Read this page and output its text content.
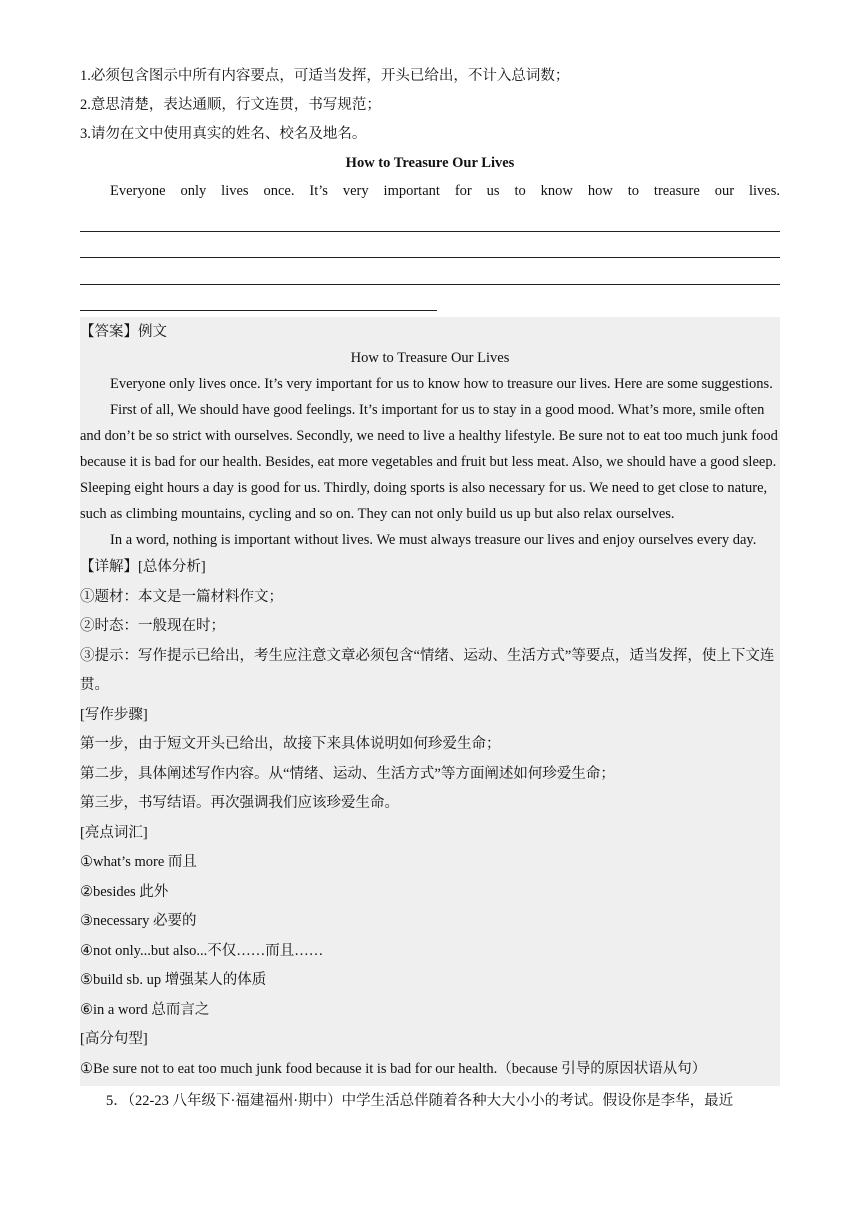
1.必须包含图示中所有内容要点，可适当发挥，开头已给出，不计入总词数；
2.意思清楚，表达通顺，行文连贯，书写规范；
3.请勿在文中使用真实的姓名、校名及地名。
How to Treasure Our Lives
Everyone only lives once. It’s very important for us to know how to treasure our lives.
【答案】例文
How to Treasure Our Lives
Everyone only lives once. It’s very important for us to know how to treasure our lives. Here are some suggestions.
First of all, We should have good feelings. It’s important for us to stay in a good mood. What’s more, smile often and don’t be so strict with ourselves. Secondly, we need to live a healthy lifestyle. Be sure not to eat too much junk food because it is bad for our health. Besides, eat more vegetables and fruit but less meat. Also, we should have a good sleep. Sleeping eight hours a day is good for us. Thirdly, doing sports is also necessary for us. We need to get close to nature, such as climbing mountains, cycling and so on. They can not only build us up but also relax ourselves.
In a word, nothing is important without lives. We must always treasure our lives and enjoy ourselves every day.
【详解】[总体分析]
①题材：本文是一篇材料作文；
②时态：一般现在时；
③提示：写作提示已给出，考生应注意文章必须包含“情绪、运动、生活方式”等要点，适当发挥，使上下文连贯。
[写作步骤]
第一步，由于短文开头已给出，故接下来具体说明如何珍爱生命；
第二步，具体阐述写作内容。从“情绪、运动、生活方式”等方面阐述如何珍爱生命；
第三步，书写结语。再次强调我们应该珍爱生命。
[亮点词汇]
①what’s more 而且
②besides 此外
③necessary 必要的
④not only...but also...不仅……而且……
⑤build sb. up 增强某人的体质
⑥in a word 总而言之
[高分句型]
①Be sure not to eat too much junk food because it is bad for our health.（because 引导的原因状语从句）
5．（22-23 八年级下·福建福州·期中）中学生活总伴随着各种大大小小的考试。假设你是李华，最近
